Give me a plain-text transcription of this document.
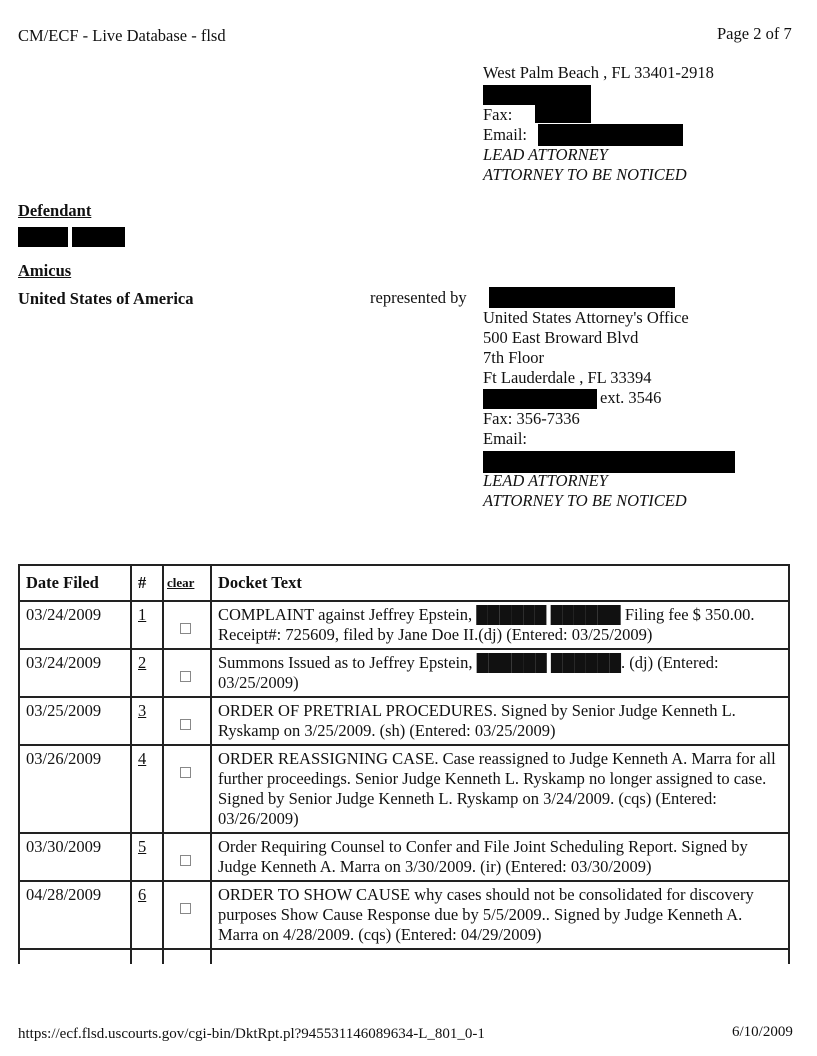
CM/ECF - Live Database - flsd	Page 2 of 7
West Palm Beach , FL 33401-2918
Fax:
Email:
LEAD ATTORNEY
ATTORNEY TO BE NOTICED
Defendant
Amicus
United States of America	represented by
United States Attorney's Office
500 East Broward Blvd
7th Floor
Ft Lauderdale , FL 33394
ext. 3546
Fax: 356-7336
Email:
LEAD ATTORNEY
ATTORNEY TO BE NOTICED
Date Filed	#	clear	Docket Text
03/24/2009	1		COMPLAINT against Jeffrey Epstein, ██████ ██████ Filing fee $ 350.00. Receipt#: 725609, filed by Jane Doe II.(dj) (Entered: 03/25/2009)
03/24/2009	2		Summons Issued as to Jeffrey Epstein, ██████ ██████. (dj) (Entered: 03/25/2009)
03/25/2009	3		ORDER OF PRETRIAL PROCEDURES. Signed by Senior Judge Kenneth L. Ryskamp on 3/25/2009. (sh) (Entered: 03/25/2009)
03/26/2009	4		ORDER REASSIGNING CASE. Case reassigned to Judge Kenneth A. Marra for all further proceedings. Senior Judge Kenneth L. Ryskamp no longer assigned to case. Signed by Senior Judge Kenneth L. Ryskamp on 3/24/2009. (cqs) (Entered: 03/26/2009)
03/30/2009	5		Order Requiring Counsel to Confer and File Joint Scheduling Report. Signed by Judge Kenneth A. Marra on 3/30/2009. (ir) (Entered: 03/30/2009)
04/28/2009	6		ORDER TO SHOW CAUSE why cases should not be consolidated for discovery purposes Show Cause Response due by 5/5/2009.. Signed by Judge Kenneth A. Marra on 4/28/2009. (cqs) (Entered: 04/29/2009)

https://ecf.flsd.uscourts.gov/cgi-bin/DktRpt.pl?945531146089634-L_801_0-1	6/10/2009
